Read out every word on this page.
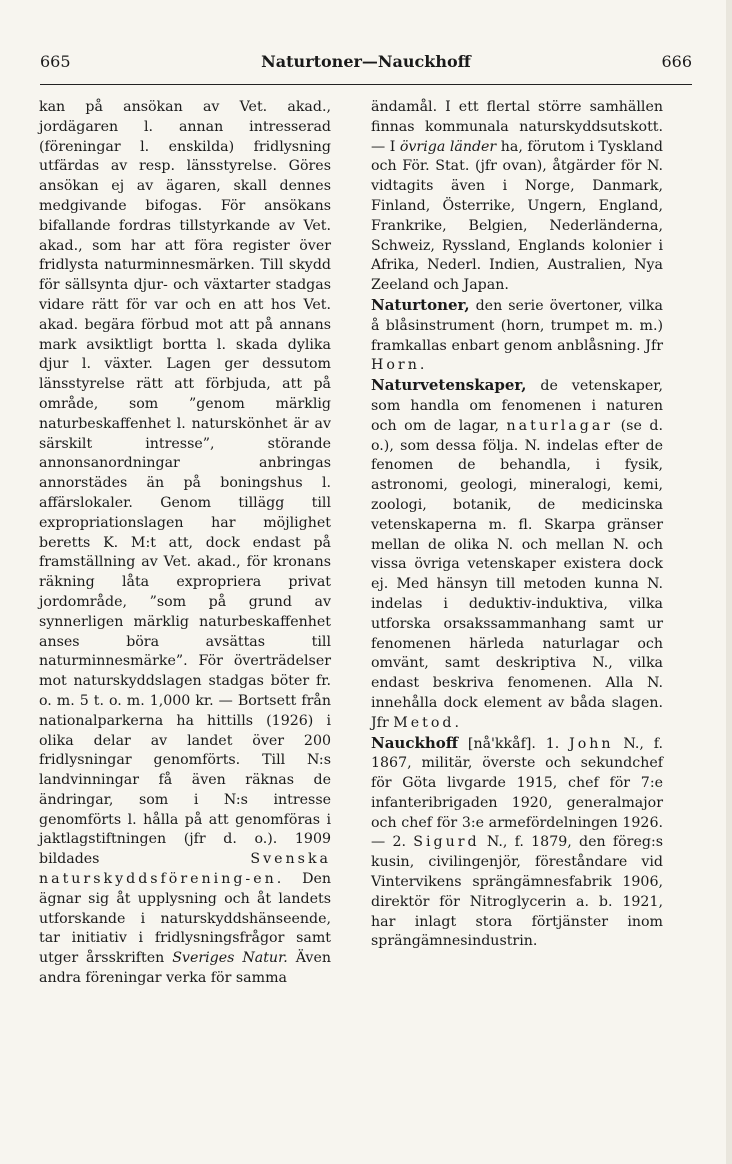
665	Naturtoner—Nauckhoff	666

kan på ansökan av Vet. akad., jordägaren l. annan intresserad (föreningar l. enskilda) fridlysning utfärdas av resp. länsstyrelse. Göres ansökan ej av ägaren, skall dennes medgivande bifogas. För ansökans bifallande fordras tillstyrkande av Vet. akad., som har att föra register över fridlysta naturminnesmärken. Till skydd för sällsynta djur- och växtarter stadgas vidare rätt för var och en att hos Vet. akad. begära förbud mot att på annans mark avsiktligt bortta l. skada dylika djur l. växter. Lagen ger dessutom länsstyrelse rätt att förbjuda, att på område, som ”genom märklig naturbeskaffenhet l. naturskönhet är av särskilt intresse”, störande annonsanordningar anbringas annorstädes än på boningshus l. affärslokaler. Genom tillägg till expropriationslagen har möjlighet beretts K. M:t att, dock endast på framställning av Vet. akad., för kronans räkning låta expropriera privat jordområde, ”som på grund av synnerligen märklig naturbeskaffenhet anses böra avsättas till naturminnesmärke”. För överträdelser mot naturskyddslagen stadgas böter fr. o. m. 5 t. o. m. 1,000 kr. — Bortsett från nationalparkerna ha hittills (1926) i olika delar av landet över 200 fridlysningar genomförts. Till N:s landvinningar få även räknas de ändringar, som i N:s intresse genomförts l. hålla på att genomföras i jaktlagstiftningen (jfr d. o.). 1909 bildades	Svenska naturskyddsförening-en. Den ägnar sig åt upplysning och åt landets utforskande i naturskyddshänseende, tar initiativ i fridlysningsfrågor samt utger årsskriften Sveriges Natur. Även andra föreningar verka för samma

ändamål. I ett flertal större samhällen finnas kommunala naturskyddsutskott. — I övriga länder ha, förutom i Tyskland och För. Stat. (jfr ovan), åtgärder för N. vidtagits även i Norge, Danmark, Finland, Österrike, Ungern, England, Frankrike, Belgien, Nederländerna, Schweiz, Ryssland, Englands kolonier i Afrika, Nederl. Indien, Australien, Nya Zeeland och Japan.

Naturtoner, den serie övertoner, vilka å blåsinstrument (horn, trumpet m. m.) framkallas enbart genom anblåsning. Jfr Horn.

Naturvetenskaper, de vetenskaper, som handla om fenomenen i naturen och om de lagar, naturlagar (se d. o.), som dessa följa. N. indelas efter de fenomen de behandla, i fysik, astronomi, geologi, mineralogi, kemi, zoologi, botanik, de medicinska vetenskaperna m. fl. Skarpa gränser mellan de olika N. och mellan N. och vissa övriga vetenskaper existera dock ej. Med hänsyn till metoden kunna N. indelas i deduktiv-induktiva, vilka utforska orsakssammanhang samt ur fenomenen härleda naturlagar och omvänt, samt deskriptiva N., vilka endast beskriva fenomenen. Alla N. innehålla dock element av båda slagen. Jfr Metod.

Nauckhoff [nå'kkåf]. 1. John N., f. 1867, militär, överste och sekundchef för Göta livgarde 1915, chef för 7:e infanteribrigaden 1920, generalmajor och chef för 3:e armefördelningen 1926. — 2. Sigurd N., f. 1879, den föreg:s kusin, civilingenjör, föreståndare vid Vintervikens sprängämnesfabrik 1906, direktör för Nitroglycerin a. b. 1921, har inlagt stora förtjänster inom sprängämnesindustrin.
